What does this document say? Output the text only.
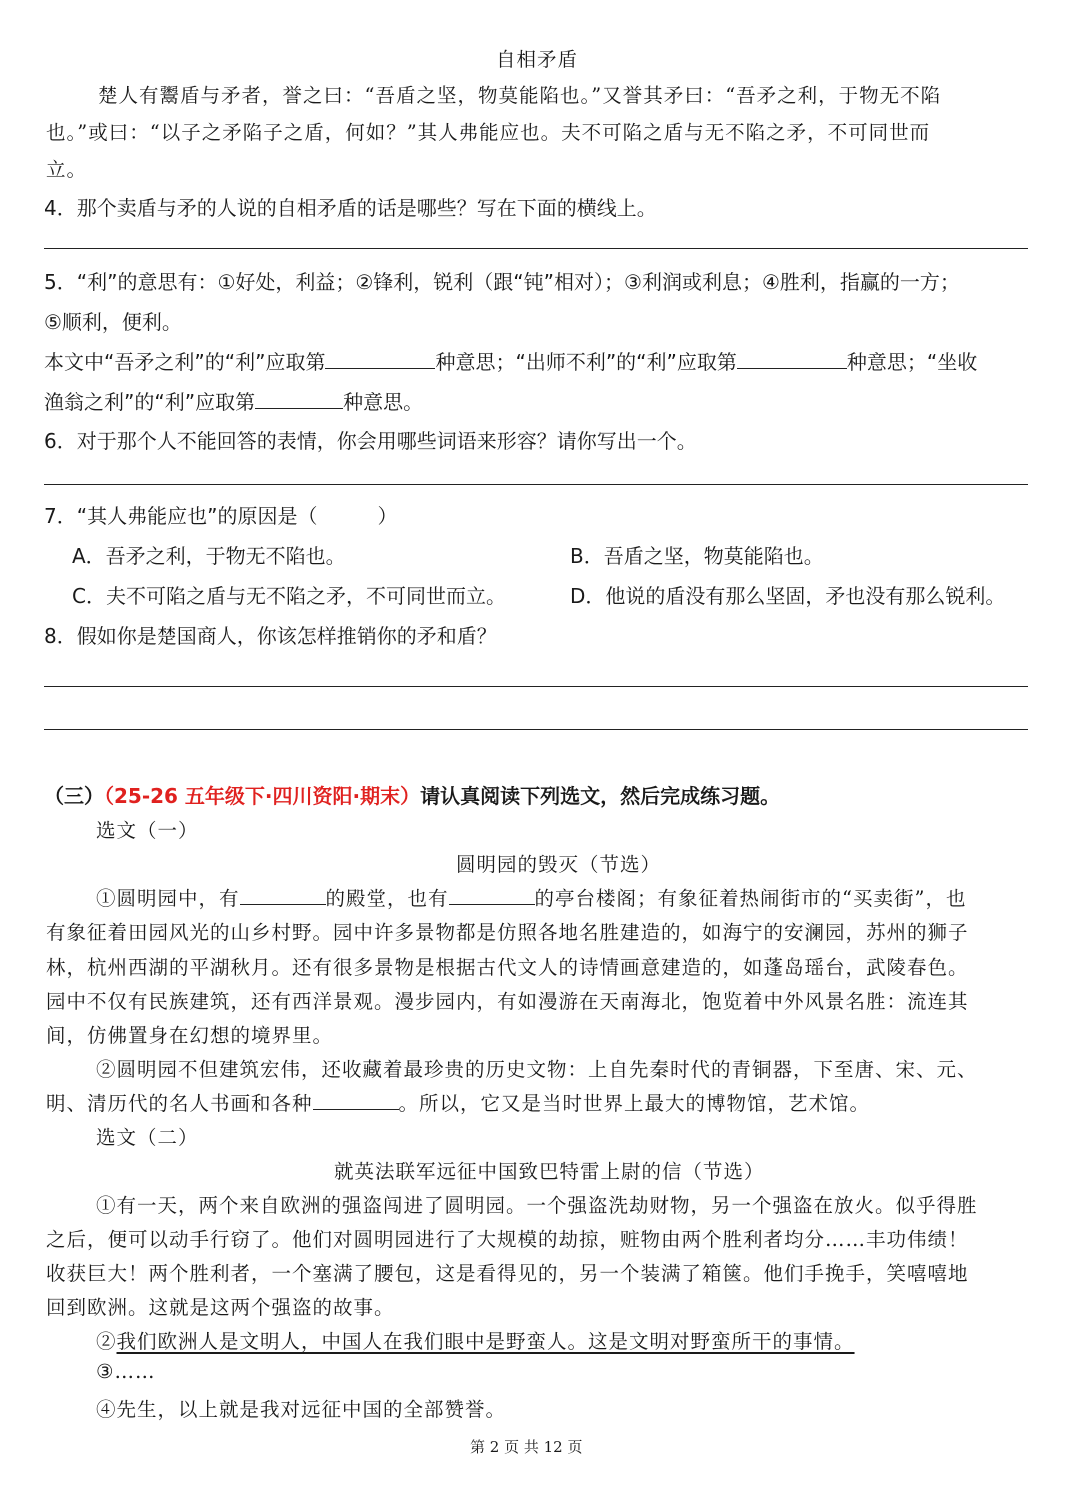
自相矛盾
楚人有鬻盾与矛者，誉之曰：“吾盾之坚，物莫能陷也。”又誉其矛曰：“吾矛之利，于物无不陷
也。”或曰：“以子之矛陷子之盾，何如？”其人弗能应也。夫不可陷之盾与无不陷之矛，不可同世而
立。
4．那个卖盾与矛的人说的自相矛盾的话是哪些？写在下面的横线上。
5．“利”的意思有：①好处，利益；②锋利，锐利（跟“钝”相对）；③利润或利息；④胜利，指赢的一方；
⑤顺利，便利。
本文中“吾矛之利”的“利”应取第	种意思；“出师不利”的“利”应取第	种意思；“坐收
渔翁之利”的“利”应取第	种意思。
6．对于那个人不能回答的表情，你会用哪些词语来形容？请你写出一个。
7．“其人弗能应也”的原因是（　　　）
A．吾矛之利，于物无不陷也。	B．吾盾之坚，物莫能陷也。
C．夫不可陷之盾与无不陷之矛，不可同世而立。	D．他说的盾没有那么坚固，矛也没有那么锐利。
8．假如你是楚国商人，你该怎样推销你的矛和盾？
（三）（25-26 五年级下·四川资阳·期末）请认真阅读下列选文，然后完成练习题。
选文（一）
圆明园的毁灭（节选）
①圆明园中，有	的殿堂，也有	的亭台楼阁；有象征着热闹街市的“买卖街”，也
有象征着田园风光的山乡村野。园中许多景物都是仿照各地名胜建造的，如海宁的安澜园，苏州的狮子
林，杭州西湖的平湖秋月。还有很多景物是根据古代文人的诗情画意建造的，如蓬岛瑶台，武陵春色。
园中不仅有民族建筑，还有西洋景观。漫步园内，有如漫游在天南海北，饱览着中外风景名胜：流连其
间，仿佛置身在幻想的境界里。
②圆明园不但建筑宏伟，还收藏着最珍贵的历史文物：上自先秦时代的青铜器，下至唐、宋、元、
明、清历代的名人书画和各种	。所以，它又是当时世界上最大的博物馆，艺术馆。
选文（二）
就英法联军远征中国致巴特雷上尉的信（节选）
①有一天，两个来自欧洲的强盗闯进了圆明园。一个强盗洗劫财物，另一个强盗在放火。似乎得胜
之后，便可以动手行窃了。他们对圆明园进行了大规模的劫掠，赃物由两个胜利者均分……丰功伟绩！
收获巨大！两个胜利者，一个塞满了腰包，这是看得见的，另一个装满了箱箧。他们手挽手，笑嘻嘻地
回到欧洲。这就是这两个强盗的故事。
②我们欧洲人是文明人，中国人在我们眼中是野蛮人。这是文明对野蛮所干的事情。
③……
④先生，以上就是我对远征中国的全部赞誉。
第 2 页 共 12 页
